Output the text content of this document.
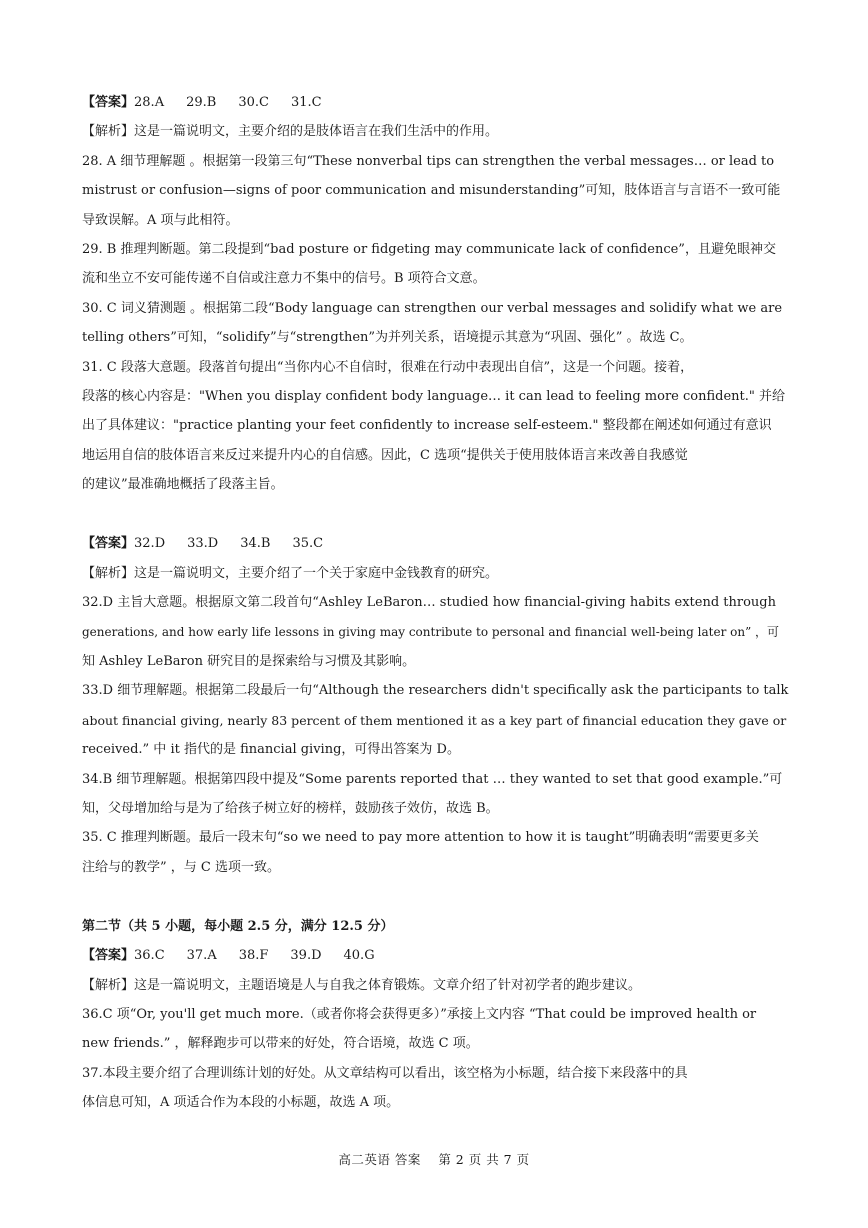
【答案】28.A 29.B 30.C 31.C

【解析】这是一篇说明文，主要介绍的是肢体语言在我们生活中的作用。

28. A 细节理解题 。根据第一段第三句“These nonverbal tips can strengthen the verbal messages… or lead to

mistrust or confusion—signs of poor communication and misunderstanding”可知，肢体语言与言语不一致可能

导致误解。A 项与此相符。

29. B 推理判断题。第二段提到“bad posture or fidgeting may communicate lack of confidence”，且避免眼神交

流和坐立不安可能传递不自信或注意力不集中的信号。B 项符合文意。

30. C 词义猜测题 。根据第二段“Body language can strengthen our verbal messages and solidify what we are

telling others”可知，“solidify”与“strengthen”为并列关系，语境提示其意为“巩固、强化” 。故选 C。

31. C 段落大意题。段落首句提出“当你内心不自信时，很难在行动中表现出自信”，这是一个问题。接着，

段落的核心内容是："When you display confident body language… it can lead to feeling more confident." 并给

出了具体建议："practice planting your feet confidently to increase self-esteem." 整段都在阐述如何通过有意识

地运用自信的肢体语言来反过来提升内心的自信感。因此，C 选项“提供关于使用肢体语言来改善自我感觉

的建议”最准确地概括了段落主旨。

【答案】32.D 33.D 34.B 35.C

【解析】这是一篇说明文，主要介绍了一个关于家庭中金钱教育的研究。

32.D 主旨大意题。根据原文第二段首句“Ashley LeBaron… studied how financial-giving habits extend through

generations, and how early life lessons in giving may contribute to personal and financial well-being later on” ，可

知 Ashley LeBaron 研究目的是探索给与习惯及其影响。

33.D 细节理解题。根据第二段最后一句“Although the researchers didn't specifically ask the participants to talk

about financial giving, nearly 83 percent of them mentioned it as a key part of financial education they gave or

received.” 中 it 指代的是 financial giving，可得出答案为 D。

34.B 细节理解题。根据第四段中提及“Some parents reported that … they wanted to set that good example.”可

知，父母增加给与是为了给孩子树立好的榜样，鼓励孩子效仿，故选 B。

35. C 推理判断题。最后一段末句“so we need to pay more attention to how it is taught”明确表明“需要更多关

注给与的教学” ，与 C 选项一致。

第二节（共 5 小题，每小题 2.5 分，满分 12.5 分）

【答案】36.C 37.A 38.F 39.D 40.G

【解析】这是一篇说明文，主题语境是人与自我之体育锻炼。文章介绍了针对初学者的跑步建议。

36.C 项“Or, you'll get much more.（或者你将会获得更多）”承接上文内容 “That could be improved health or

new friends.” ，解释跑步可以带来的好处，符合语境，故选 C 项。

37.本段主要介绍了合理训练计划的好处。从文章结构可以看出，该空格为小标题，结合接下来段落中的具

体信息可知，A 项适合作为本段的小标题，故选 A 项。

高二英语 答案　 第 2 页 共 7 页
